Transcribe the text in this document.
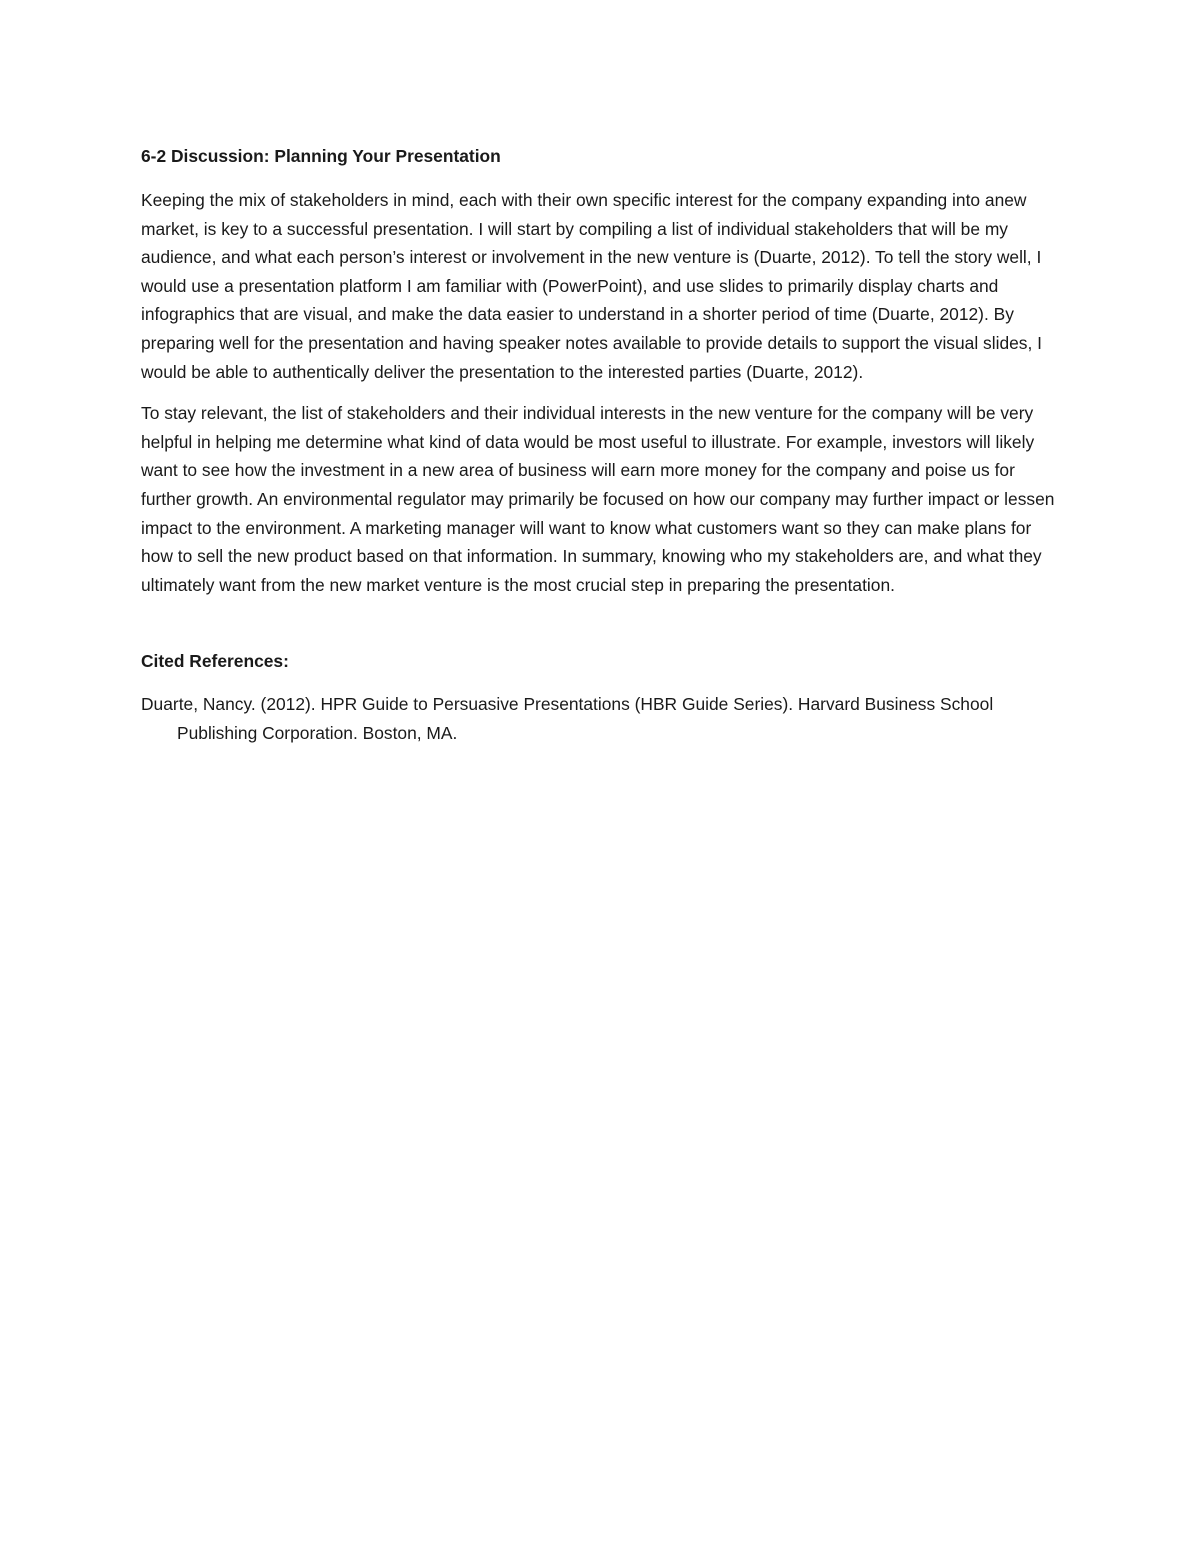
6-2 Discussion: Planning Your Presentation

Keeping the mix of stakeholders in mind, each with their own specific interest for the company expanding into anew market, is key to a successful presentation. I will start by compiling a list of individual stakeholders that will be my audience, and what each person’s interest or involvement in the new venture is (Duarte, 2012). To tell the story well, I would use a presentation platform I am familiar with (PowerPoint), and use slides to primarily display charts and infographics that are visual, and make the data easier to understand in a shorter period of time (Duarte, 2012). By preparing well for the presentation and having speaker notes available to provide details to support the visual slides, I would be able to authentically deliver the presentation to the interested parties (Duarte, 2012).

To stay relevant, the list of stakeholders and their individual interests in the new venture for the company will be very helpful in helping me determine what kind of data would be most useful to illustrate. For example, investors will likely want to see how the investment in a new area of business will earn more money for the company and poise us for further growth. An environmental regulator may primarily be focused on how our company may further impact or lessen impact to the environment. A marketing manager will want to know what customers want so they can make plans for how to sell the new product based on that information. In summary, knowing who my stakeholders are, and what they ultimately want from the new market venture is the most crucial step in preparing the presentation.

Cited References:

Duarte, Nancy. (2012). HPR Guide to Persuasive Presentations (HBR Guide Series). Harvard Business School Publishing Corporation. Boston, MA.
